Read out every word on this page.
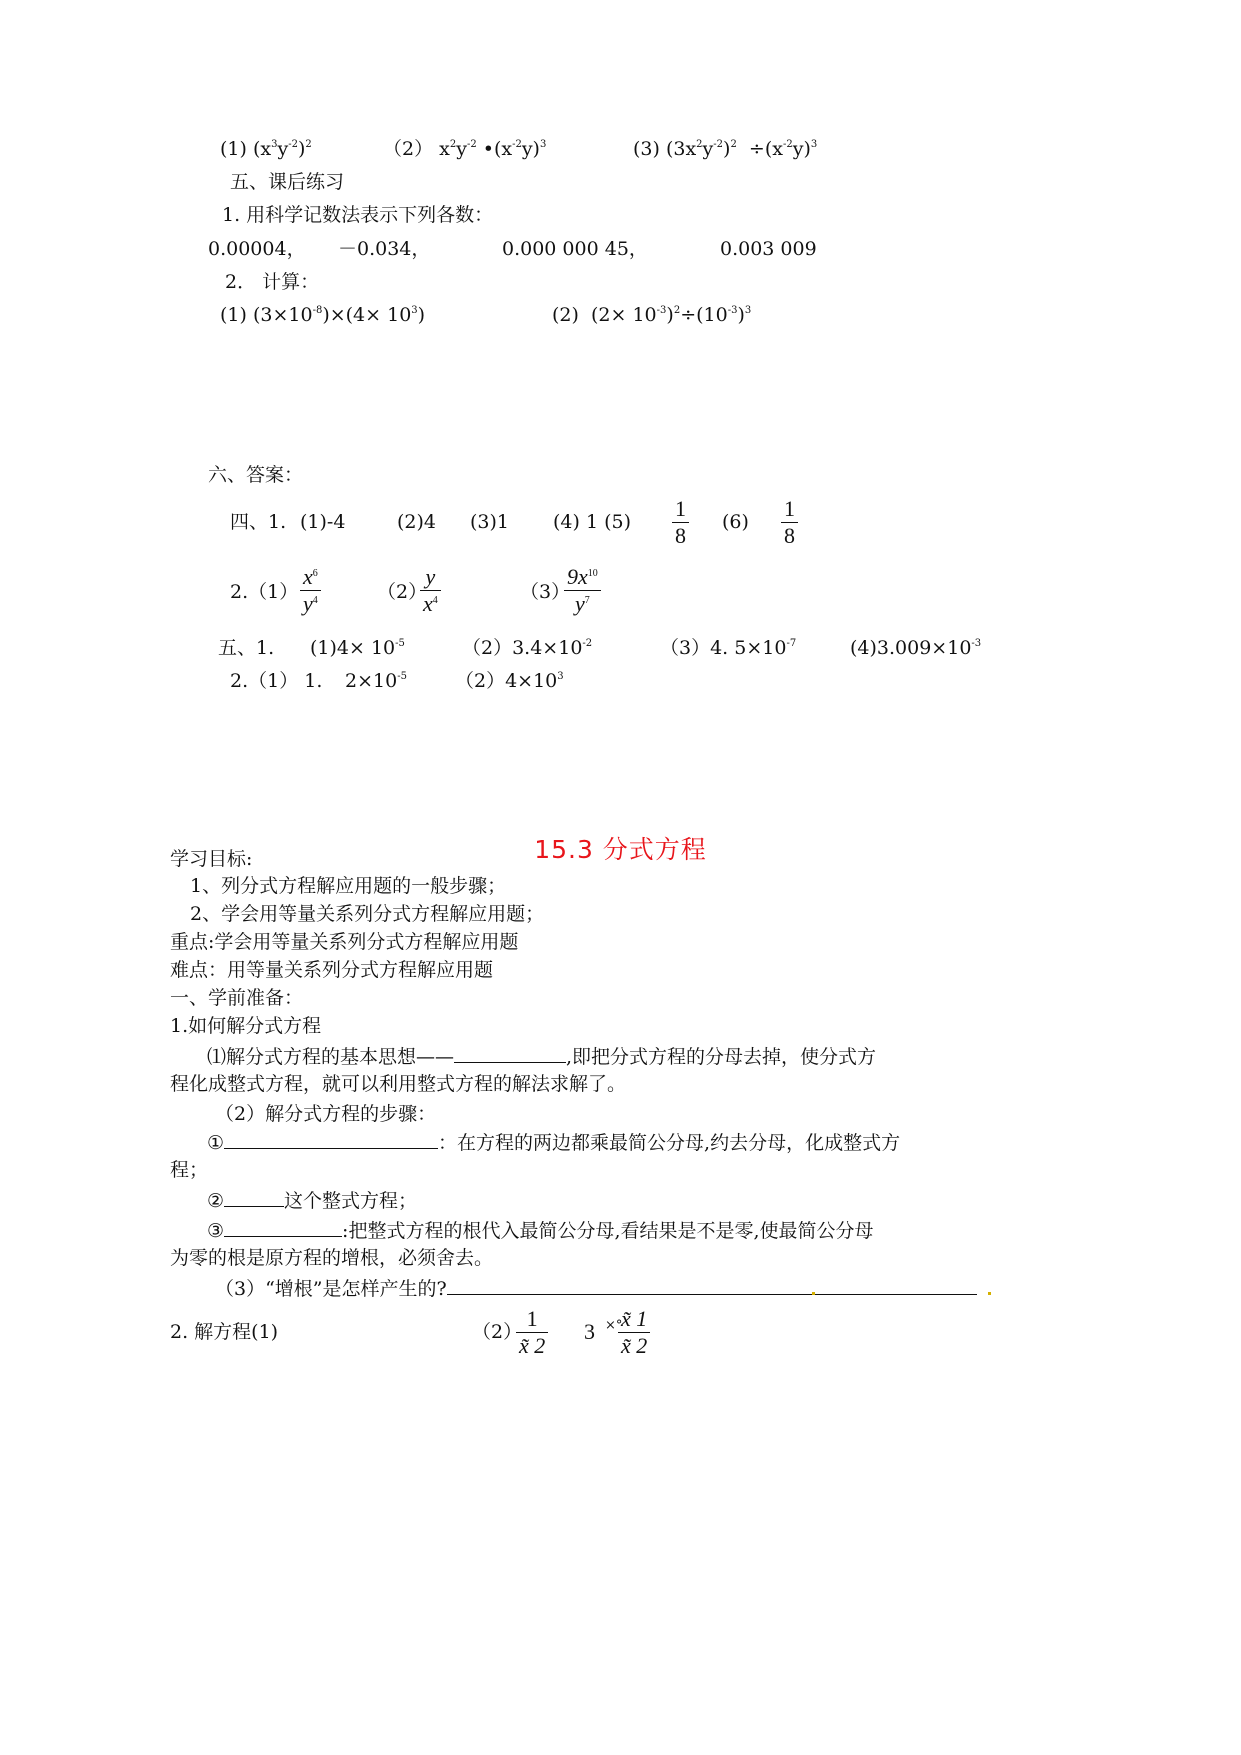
(1) $(x^3y^{-2})^2$	（2） $x^2y^{-2}$ $•(x^{-2}y)^3$	(3) $(3x^2y^{-2})^2 \div(x^{-2}y)^3$
五、课后练习
1. 用科学记数法表示下列各数：
0.00004， －0.034，	0.000 000 45，	0.003 009
2． 计算：
(1) $(3\times 10^{-8})\times(4\times 10^3)$	(2)  $(2\times 10^{-3})^2\div(10^{-3})^3$
六、答案：
四、1. (1)-4	(2)4 (3)1 (4) 1 $(5) \frac{1}{8} (6) \frac{1}{8}$
$2.(1) \frac{x^6}{y^4}$	（2）
$\frac{y}{x^4}$	（3）
$\frac{9x^{10}}{y^7}$
五、1. $(1)4\times 10^{-5}$	$(2)3.4\times 10^{-2}$	（3）4. $5\times 10^{-7}$	$(4)3.009\times 10^{-3}$
2.（1） 1. $2\times 10^{-5}$	$(2)4\times 10^3$
15.3 分式方程
学习目标:
1、列分式方程解应用题的一般步骤；
2、学会用等量关系列分式方程解应用题；
重点:学会用等量关系列分式方程解应用题
难点：用等量关系列分式方程解应用题
一、学前准备：
1.如何解分式方程
⑴解分式方程的基本思想——	,即把分式方程的分母去掉，使分式方
程化成整式方程，就可以利用整式方程的解法求解了。
（2）解分式方程的步骤：
①	：在方程的两边都乘最简公分母,约去分母，化成整式方
程；
②	这个整式方程；
③	:把整式方程的根代入最简公分母,看结果是不是零,使最简公分母
为零的根是原方程的增根，必须舍去。
（3）“增根”是怎样产生的?
2. 解方程(1)	（2）
$\frac{1}{x̃ 2} 3$ ×°
$\frac{x̃ 1}{x̃ 2}$
